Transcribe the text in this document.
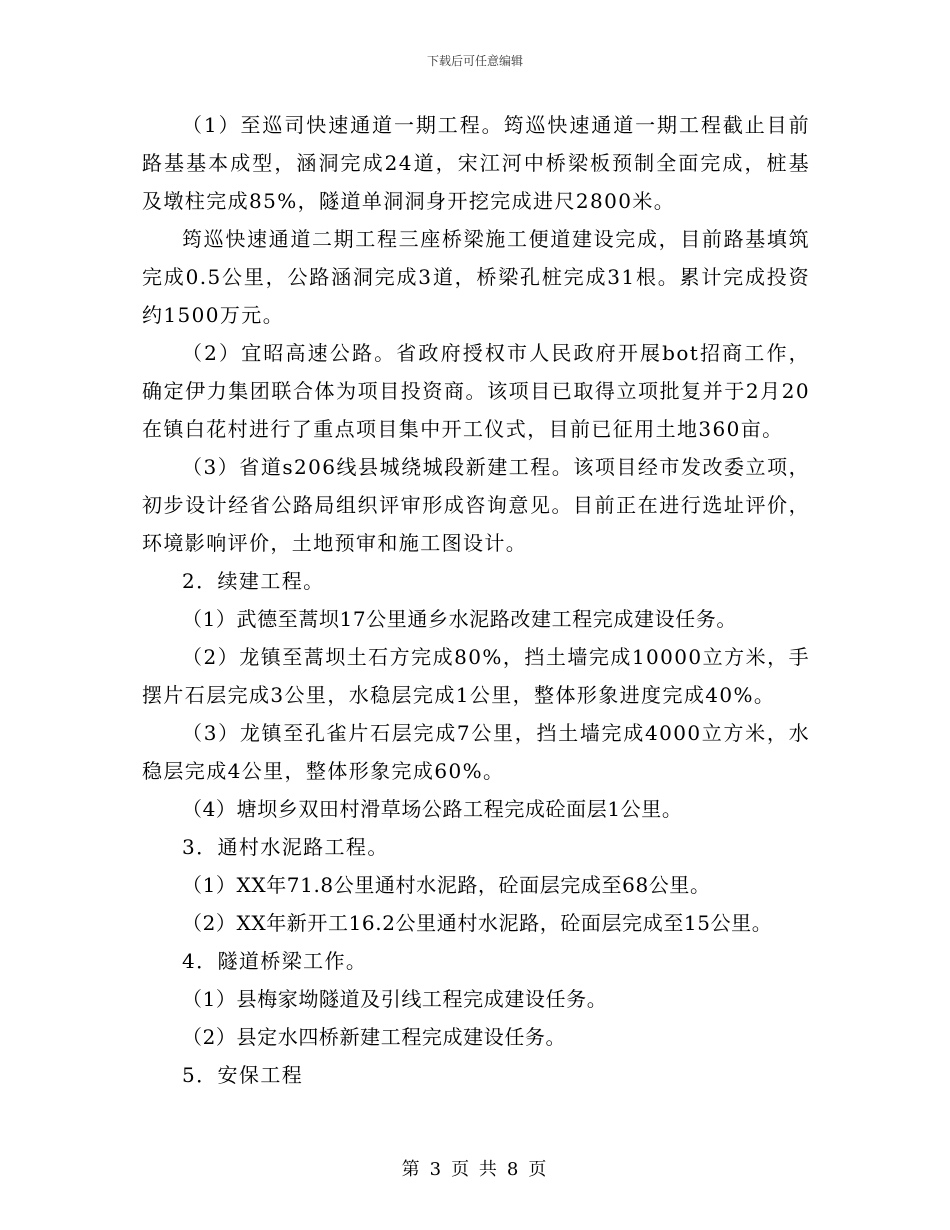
下载后可任意编辑

（1）至巡司快速通道一期工程。筠巡快速通道一期工程截止目前路基基本成型，涵洞完成24道，宋江河中桥梁板预制全面完成，桩基及墩柱完成85%，隧道单洞洞身开挖完成进尺2800米。

筠巡快速通道二期工程三座桥梁施工便道建设完成，目前路基填筑完成0.5公里，公路涵洞完成3道，桥梁孔桩完成31根。累计完成投资约1500万元。

（2）宜昭高速公路。省政府授权市人民政府开展bot招商工作，确定伊力集团联合体为项目投资商。该项目已取得立项批复并于2月20在镇白花村进行了重点项目集中开工仪式，目前已征用土地360亩。

（3）省道s206线县城绕城段新建工程。该项目经市发改委立项，初步设计经省公路局组织评审形成咨询意见。目前正在进行选址评价，环境影响评价，土地预审和施工图设计。

2．续建工程。

（1）武德至蒿坝17公里通乡水泥路改建工程完成建设任务。

（2）龙镇至蒿坝土石方完成80%，挡土墙完成10000立方米，手摆片石层完成3公里，水稳层完成1公里，整体形象进度完成40%。

（3）龙镇至孔雀片石层完成7公里，挡土墙完成4000立方米，水稳层完成4公里，整体形象完成60%。

（4）塘坝乡双田村滑草场公路工程完成砼面层1公里。

3．通村水泥路工程。

（1）XX年71.8公里通村水泥路，砼面层完成至68公里。

（2）XX年新开工16.2公里通村水泥路，砼面层完成至15公里。

4．隧道桥梁工作。

（1）县梅家坳隧道及引线工程完成建设任务。

（2）县定水四桥新建工程完成建设任务。

5．安保工程

第 3 页 共 8 页
